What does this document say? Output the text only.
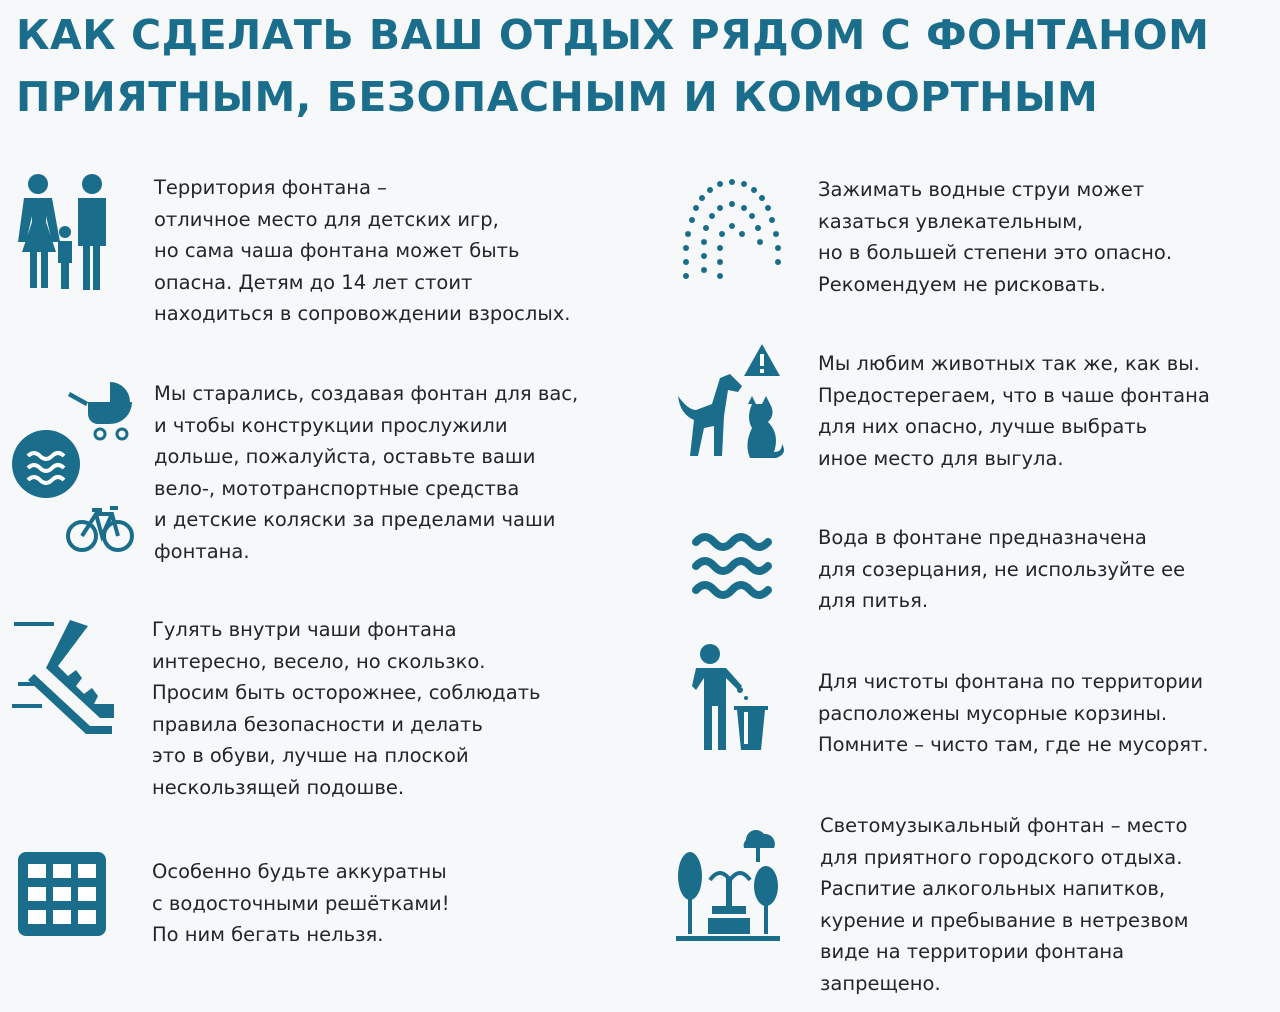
КАК СДЕЛАТЬ ВАШ ОТДЫХ РЯДОМ С ФОНТАНОМ
ПРИЯТНЫМ, БЕЗОПАСНЫМ И КОМФОРТНЫМ

Территория фонтана –
отличное место для детских игр,
но сама чаша фонтана может быть
опасна. Детям до 14 лет стоит
находиться в сопровождении взрослых.

Мы старались, создавая фонтан для вас,
и чтобы конструкции прослужили
дольше, пожалуйста, оставьте ваши
вело-, мототранспортные средства
и детские коляски за пределами чаши
фонтана.

Гулять внутри чаши фонтана
интересно, весело, но скользко.
Просим быть осторожнее, соблюдать
правила безопасности и делать
это в обуви, лучше на плоской
нескользящей подошве.

Особенно будьте аккуратны
с водосточными решётками!
По ним бегать нельзя.

Зажимать водные струи может
казаться увлекательным,
но в большей степени это опасно.
Рекомендуем не рисковать.

Мы любим животных так же, как вы.
Предостерегаем, что в чаше фонтана
для них опасно, лучше выбрать
иное место для выгула.

Вода в фонтане предназначена
для созерцания, не используйте ее
для питья.

Для чистоты фонтана по территории
расположены мусорные корзины.
Помните – чисто там, где не мусорят.

Светомузыкальный фонтан – место
для приятного городского отдыха.
Распитие алкогольных напитков,
курение и пребывание в нетрезвом
виде на территории фонтана
запрещено.
